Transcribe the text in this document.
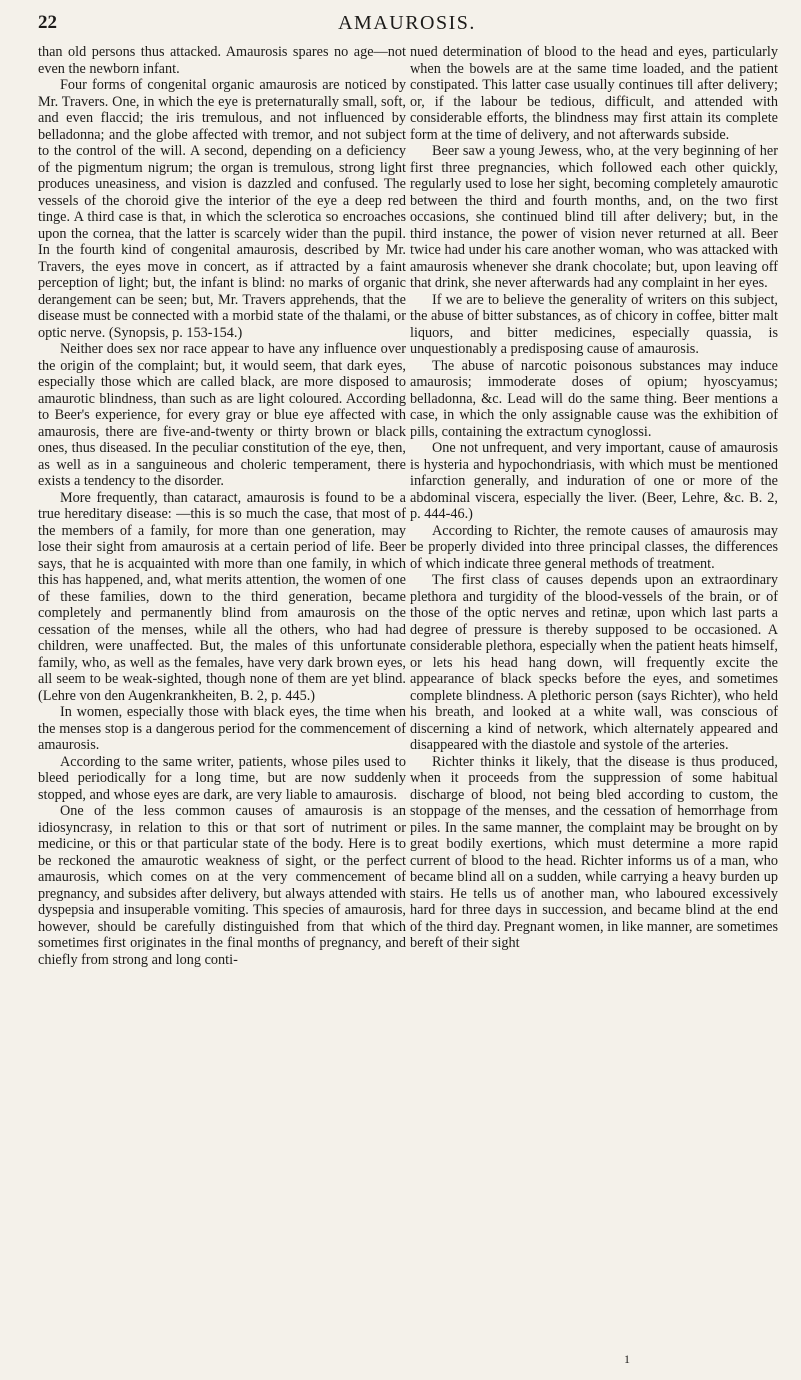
22	AMAUROSIS.

than old persons thus attacked. Amaurosis spares no age—not even the newborn infant.

Four forms of congenital organic amaurosis are noticed by Mr. Travers. One, in which the eye is preternaturally small, soft, and even flaccid; the iris tremulous, and not influenced by belladonna; and the globe affected with tremor, and not subject to the control of the will. A second, depending on a deficiency of the pigmentum nigrum; the organ is tremulous, strong light produces uneasiness, and vision is dazzled and confused. The vessels of the choroid give the interior of the eye a deep red tinge. A third case is that, in which the sclerotica so encroaches upon the cornea, that the latter is scarcely wider than the pupil. In the fourth kind of congenital amaurosis, described by Mr. Travers, the eyes move in concert, as if attracted by a faint perception of light; but, the infant is blind: no marks of organic derangement can be seen; but, Mr. Travers apprehends, that the disease must be connected with a morbid state of the thalami, or optic nerve. (Synopsis, p. 153-154.)

Neither does sex nor race appear to have any influence over the origin of the complaint; but, it would seem, that dark eyes, especially those which are called black, are more disposed to amaurotic blindness, than such as are light coloured. According to Beer's experience, for every gray or blue eye affected with amaurosis, there are five-and-twenty or thirty brown or black ones, thus diseased. In the peculiar constitution of the eye, then, as well as in a sanguineous and choleric temperament, there exists a tendency to the disorder.

More frequently, than cataract, amaurosis is found to be a true hereditary disease: —this is so much the case, that most of the members of a family, for more than one generation, may lose their sight from amaurosis at a certain period of life. Beer says, that he is acquainted with more than one family, in which this has happened, and, what merits attention, the women of one of these families, down to the third generation, became completely and permanently blind from amaurosis on the cessation of the menses, while all the others, who had had children, were unaffected. But, the males of this unfortunate family, who, as well as the females, have very dark brown eyes, all seem to be weak-sighted, though none of them are yet blind. (Lehre von den Augenkrankheiten, B. 2, p. 445.)

In women, especially those with black eyes, the time when the menses stop is a dangerous period for the commencement of amaurosis.

According to the same writer, patients, whose piles used to bleed periodically for a long time, but are now suddenly stopped, and whose eyes are dark, are very liable to amaurosis.

One of the less common causes of amaurosis is an idiosyncrasy, in relation to this or that sort of nutriment or medicine, or this or that particular state of the body. Here is to be reckoned the amaurotic weakness of sight, or the perfect amaurosis, which comes on at the very commencement of pregnancy, and subsides after delivery, but always attended with dyspepsia and insuperable vomiting. This species of amaurosis, however, should be carefully distinguished from that which sometimes first originates in the final months of pregnancy, and chiefly from strong and long conti-

nued determination of blood to the head and eyes, particularly when the bowels are at the same time loaded, and the patient constipated. This latter case usually continues till after delivery; or, if the labour be tedious, difficult, and attended with considerable efforts, the blindness may first attain its complete form at the time of delivery, and not afterwards subside.

Beer saw a young Jewess, who, at the very beginning of her first three pregnancies, which followed each other quickly, regularly used to lose her sight, becoming completely amaurotic between the third and fourth months, and, on the two first occasions, she continued blind till after delivery; but, in the third instance, the power of vision never returned at all. Beer twice had under his care another woman, who was attacked with amaurosis whenever she drank chocolate; but, upon leaving off that drink, she never afterwards had any complaint in her eyes.

If we are to believe the generality of writers on this subject, the abuse of bitter substances, as of chicory in coffee, bitter malt liquors, and bitter medicines, especially quassia, is unquestionably a predisposing cause of amaurosis.

The abuse of narcotic poisonous substances may induce amaurosis; immoderate doses of opium; hyoscyamus; belladonna, &c. Lead will do the same thing. Beer mentions a case, in which the only assignable cause was the exhibition of pills, containing the extractum cynoglossi.

One not unfrequent, and very important, cause of amaurosis is hysteria and hypochondriasis, with which must be mentioned infarction generally, and induration of one or more of the abdominal viscera, especially the liver. (Beer, Lehre, &c. B. 2, p. 444-46.)

According to Richter, the remote causes of amaurosis may be properly divided into three principal classes, the differences of which indicate three general methods of treatment.

The first class of causes depends upon an extraordinary plethora and turgidity of the blood-vessels of the brain, or of those of the optic nerves and retinæ, upon which last parts a degree of pressure is thereby supposed to be occasioned. A considerable plethora, especially when the patient heats himself, or lets his head hang down, will frequently excite the appearance of black specks before the eyes, and sometimes complete blindness. A plethoric person (says Richter), who held his breath, and looked at a white wall, was conscious of discerning a kind of network, which alternately appeared and disappeared with the diastole and systole of the arteries.

Richter thinks it likely, that the disease is thus produced, when it proceeds from the suppression of some habitual discharge of blood, not being bled according to custom, the stoppage of the menses, and the cessation of hemorrhage from piles. In the same manner, the complaint may be brought on by great bodily exertions, which must determine a more rapid current of blood to the head. Richter informs us of a man, who became blind all on a sudden, while carrying a heavy burden up stairs. He tells us of another man, who laboured excessively hard for three days in succession, and became blind at the end of the third day. Pregnant women, in like manner, are sometimes bereft of their sight

1
